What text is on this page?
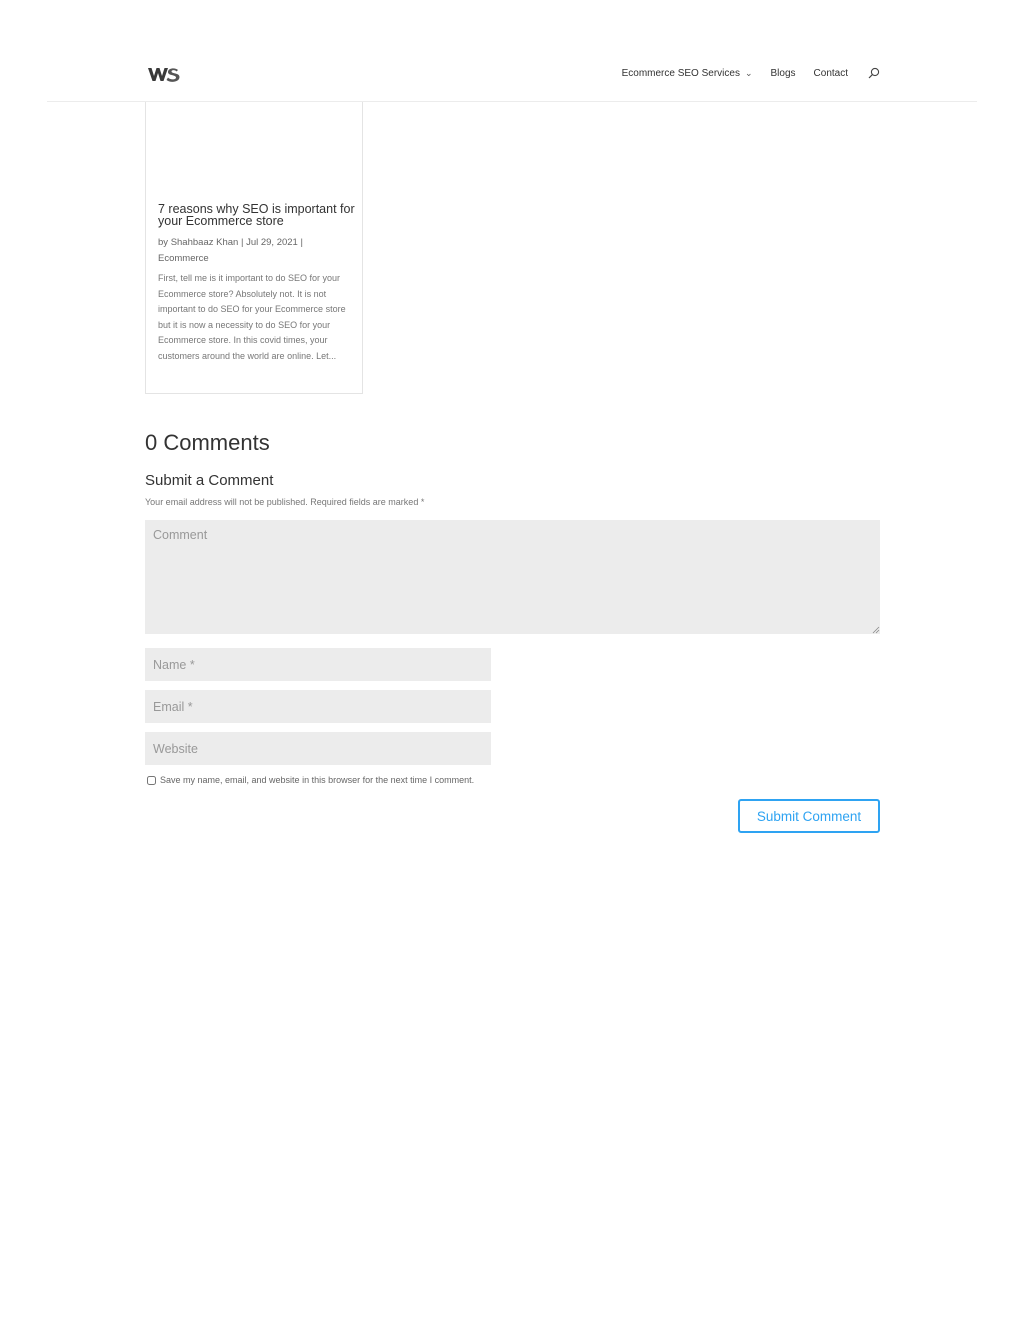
7 reasons why SEO is important for your Ecommerce store
by Shahbaaz Khan | Jul 29, 2021 |
Ecommerce
First, tell me is it important to do SEO for your Ecommerce store? Absolutely not. It is not important to do SEO for your Ecommerce store but it is now a necessity to do SEO for your Ecommerce store. In this covid times, your customers around the world are online. Let...
Ecommerce SEO Services ⌄ Blogs Contact
0 Comments
Submit a Comment
Your email address will not be published. Required fields are marked *
Comment
Name *
Email *
Website
Save my name, email, and website in this browser for the next time I comment.
Submit Comment
